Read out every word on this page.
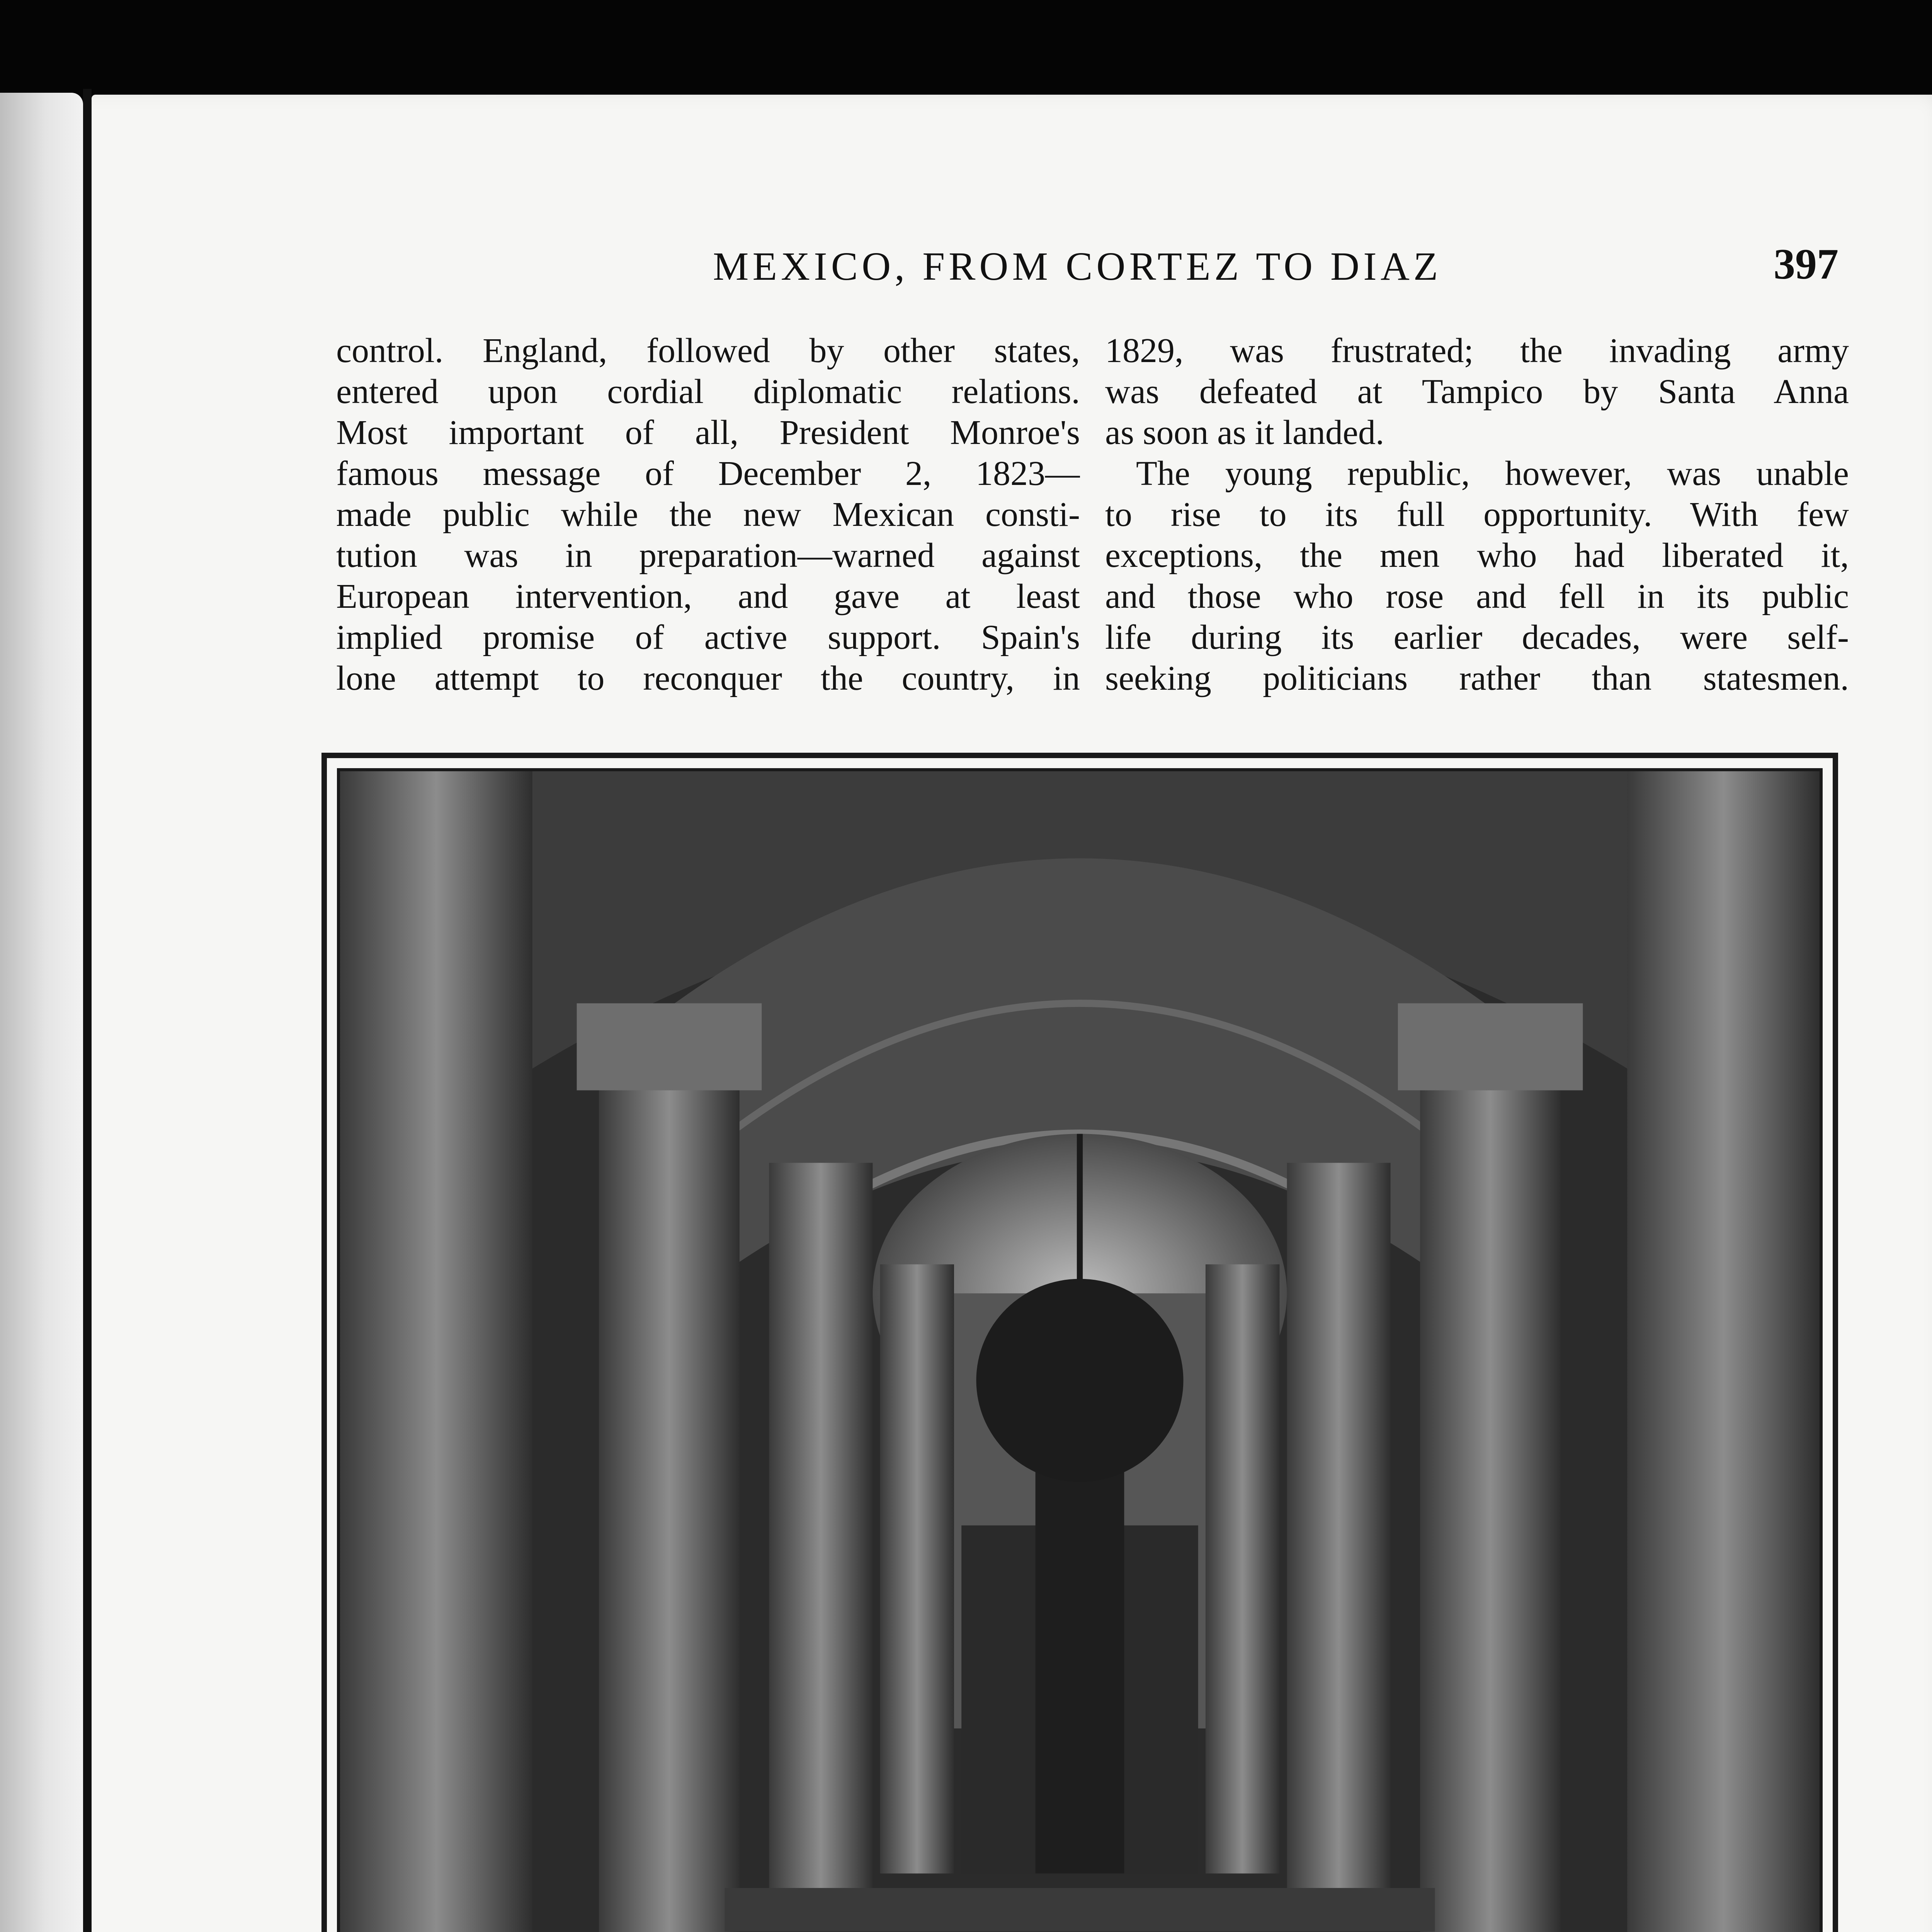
MEXICO, FROM CORTEZ TO DIAZ	397
control. England, followed by other states,
entered upon cordial diplomatic relations.
Most important of all, President Monroe's
famous message of December 2, 1823—
made public while the new Mexican consti-
tution was in preparation—warned against
European intervention, and gave at least
implied promise of active support. Spain's
lone attempt to reconquer the country, in
1829, was frustrated; the invading army
was defeated at Tampico by Santa Anna
as soon as it landed.
The young republic, however, was unable
to rise to its full opportunity. With few
exceptions, the men who had liberated it,
and those who rose and fell in its public
life during its earlier decades, were self-
seeking politicians rather than statesmen.
